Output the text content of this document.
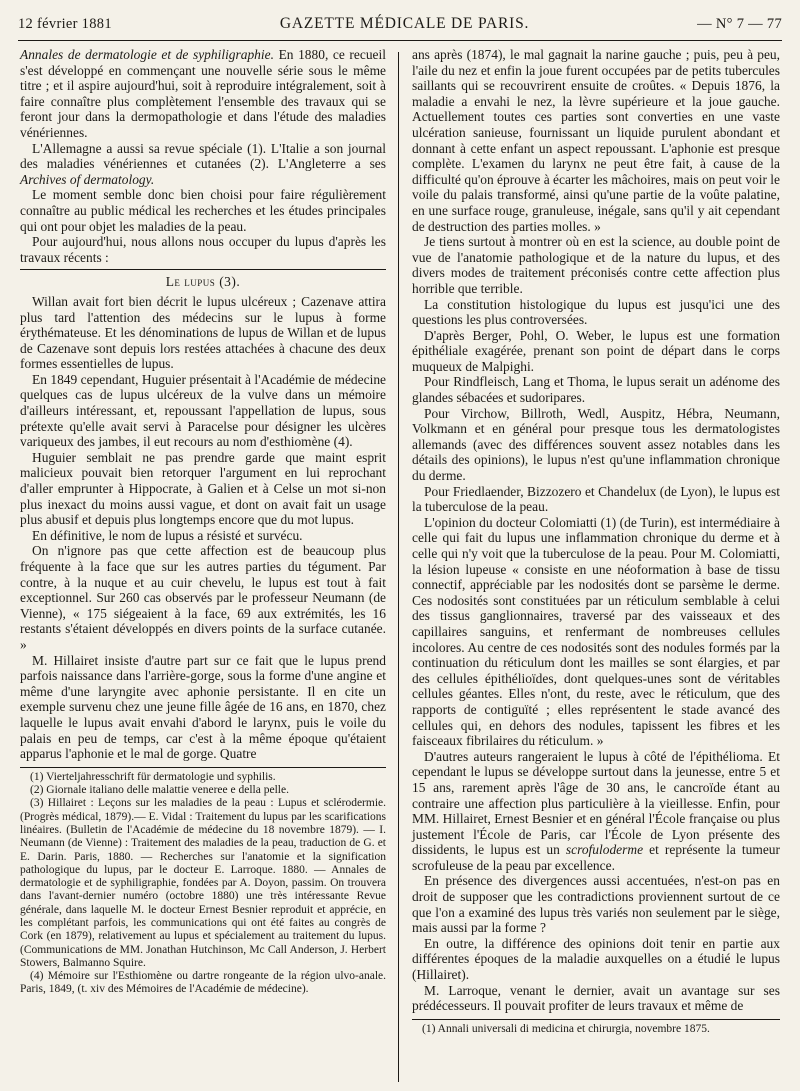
12 février 1881	GAZETTE MÉDICALE DE PARIS.	— N° 7 — 77

Annales de dermatologie et de syphiligraphie. En 1880, ce recueil s'est développé en commençant une nouvelle série sous le même titre ; et il aspire aujourd'hui, soit à reproduire intégralement, soit à faire connaître plus complètement l'ensemble des travaux qui se feront jour dans la dermopathologie et dans l'étude des maladies vénériennes.

L'Allemagne a aussi sa revue spéciale (1). L'Italie a son journal des maladies vénériennes et cutanées (2). L'Angleterre a ses Archives of dermatology.

Le moment semble donc bien choisi pour faire régulièrement connaître au public médical les recherches et les études principales qui ont pour objet les maladies de la peau.

Pour aujourd'hui, nous allons nous occuper du lupus d'après les travaux récents :

Le lupus (3).

Willan avait fort bien décrit le lupus ulcéreux ; Cazenave attira plus tard l'attention des médecins sur le lupus à forme érythémateuse. Et les dénominations de lupus de Willan et de lupus de Cazenave sont depuis lors restées attachées à chacune des deux formes essentielles de lupus.

En 1849 cependant, Huguier présentait à l'Académie de médecine quelques cas de lupus ulcéreux de la vulve dans un mémoire d'ailleurs intéressant, et, repoussant l'appellation de lupus, sous prétexte qu'elle avait servi à Paracelse pour désigner les ulcères variqueux des jambes, il eut recours au nom d'esthiomène (4).

Huguier semblait ne pas prendre garde que maint esprit malicieux pouvait bien retorquer l'argument en lui reprochant d'aller emprunter à Hippocrate, à Galien et à Celse un mot si-non plus inexact du moins aussi vague, et dont on avait fait un usage plus abusif et depuis plus longtemps encore que du mot lupus.

En définitive, le nom de lupus a résisté et survécu.

On n'ignore pas que cette affection est de beaucoup plus fréquente à la face que sur les autres parties du tégument. Par contre, à la nuque et au cuir chevelu, le lupus est tout à fait exceptionnel. Sur 260 cas observés par le professeur Neumann (de Vienne), « 175 siégeaient à la face, 69 aux extrémités, les 16 restants s'étaient développés en divers points de la surface cutanée. »

M. Hillairet insiste d'autre part sur ce fait que le lupus prend parfois naissance dans l'arrière-gorge, sous la forme d'une angine et même d'une laryngite avec aphonie persistante. Il en cite un exemple survenu chez une jeune fille âgée de 16 ans, en 1870, chez laquelle le lupus avait envahi d'abord le larynx, puis le voile du palais en peu de temps, car c'est à la même époque qu'étaient apparus l'aphonie et le mal de gorge. Quatre

(1) Vierteljahresschrift für dermatologie und syphilis.

(2) Giornale italiano delle malattie veneree e della pelle.

(3) Hillairet : Leçons sur les maladies de la peau : Lupus et sclérodermie. (Progrès médical, 1879).— E. Vidal : Traitement du lupus par les scarifications linéaires. (Bulletin de l'Académie de médecine du 18 novembre 1879). — I. Neumann (de Vienne) : Traitement des maladies de la peau, traduction de G. et E. Darin. Paris, 1880. — Recherches sur l'anatomie et la signification pathologique du lupus, par le docteur E. Larroque. 1880. — Annales de dermatologie et de syphiligraphie, fondées par A. Doyon, passim. On trouvera dans l'avant-dernier numéro (octobre 1880) une très intéressante Revue générale, dans laquelle M. le docteur Ernest Besnier reproduit et apprécie, en les complétant parfois, les communications qui ont été faites au congrès de Cork (en 1879), relativement au lupus et spécialement au traitement du lupus. (Communications de MM. Jonathan Hutchinson, Mc Call Anderson, J. Herbert Stowers, Balmanno Squire.

(4) Mémoire sur l'Esthiomène ou dartre rongeante de la région ulvo-anale. Paris, 1849, (t. xiv des Mémoires de l'Académie de médecine).

ans après (1874), le mal gagnait la narine gauche ; puis, peu à peu, l'aile du nez et enfin la joue furent occupées par de petits tubercules saillants qui se recouvrirent ensuite de croûtes. « Depuis 1876, la maladie a envahi le nez, la lèvre supérieure et la joue gauche. Actuellement toutes ces parties sont converties en une vaste ulcération sanieuse, fournissant un liquide purulent abondant et donnant à cette enfant un aspect repoussant. L'aphonie est presque complète. L'examen du larynx ne peut être fait, à cause de la difficulté qu'on éprouve à écarter les mâchoires, mais on peut voir le voile du palais transformé, ainsi qu'une partie de la voûte palatine, en une surface rouge, granuleuse, inégale, sans qu'il y ait cependant de destruction des parties molles. »

Je tiens surtout à montrer où en est la science, au double point de vue de l'anatomie pathologique et de la nature du lupus, et des divers modes de traitement préconisés contre cette affection plus horrible que terrible.

La constitution histologique du lupus est jusqu'ici une des questions les plus controversées.

D'après Berger, Pohl, O. Weber, le lupus est une formation épithéliale exagérée, prenant son point de départ dans le corps muqueux de Malpighi.

Pour Rindfleisch, Lang et Thoma, le lupus serait un adénome des glandes sébacées et sudoripares.

Pour Virchow, Billroth, Wedl, Auspitz, Hébra, Neumann, Volkmann et en général pour presque tous les dermatologistes allemands (avec des différences souvent assez notables dans les détails des opinions), le lupus n'est qu'une inflammation chronique du derme.

Pour Friedlaender, Bizzozero et Chandelux (de Lyon), le lupus est la tuberculose de la peau.

L'opinion du docteur Colomiatti (1) (de Turin), est intermédiaire à celle qui fait du lupus une inflammation chronique du derme et à celle qui n'y voit que la tuberculose de la peau. Pour M. Colomiatti, la lésion lupeuse « consiste en une néoformation à base de tissu connectif, appréciable par les nodosités dont se parsème le derme. Ces nodosités sont constituées par un réticulum semblable à celui des tissus ganglionnaires, traversé par des vaisseaux et des capillaires sanguins, et renfermant de nombreuses cellules incolores. Au centre de ces nodosités sont des nodules formés par la continuation du réticulum dont les mailles se sont élargies, et par des cellules épithélioïdes, dont quelques-unes sont de véritables cellules géantes. Elles n'ont, du reste, avec le réticulum, que des rapports de contiguïté ; elles représentent le stade avancé des cellules qui, en dehors des nodules, tapissent les fibres et les faisceaux fibrilaires du réticulum. »

D'autres auteurs rangeraient le lupus à côté de l'épithélioma. Et cependant le lupus se développe surtout dans la jeunesse, entre 5 et 15 ans, rarement après l'âge de 30 ans, le cancroïde étant au contraire une affection plus particulière à la vieillesse. Enfin, pour MM. Hillairet, Ernest Besnier et en général l'École française ou plus justement l'École de Paris, car l'École de Lyon présente des dissidents, le lupus est un scrofuloderme et représente la tumeur scrofuleuse de la peau par excellence.

En présence des divergences aussi accentuées, n'est-on pas en droit de supposer que les contradictions proviennent surtout de ce que l'on a examiné des lupus très variés non seulement par le siège, mais aussi par la forme ?

En outre, la différence des opinions doit tenir en partie aux différentes époques de la maladie auxquelles on a étudié le lupus (Hillairet).

M. Larroque, venant le dernier, avait un avantage sur ses prédécesseurs. Il pouvait profiter de leurs travaux et même de

(1) Annali universali di medicina et chirurgia, novembre 1875.
